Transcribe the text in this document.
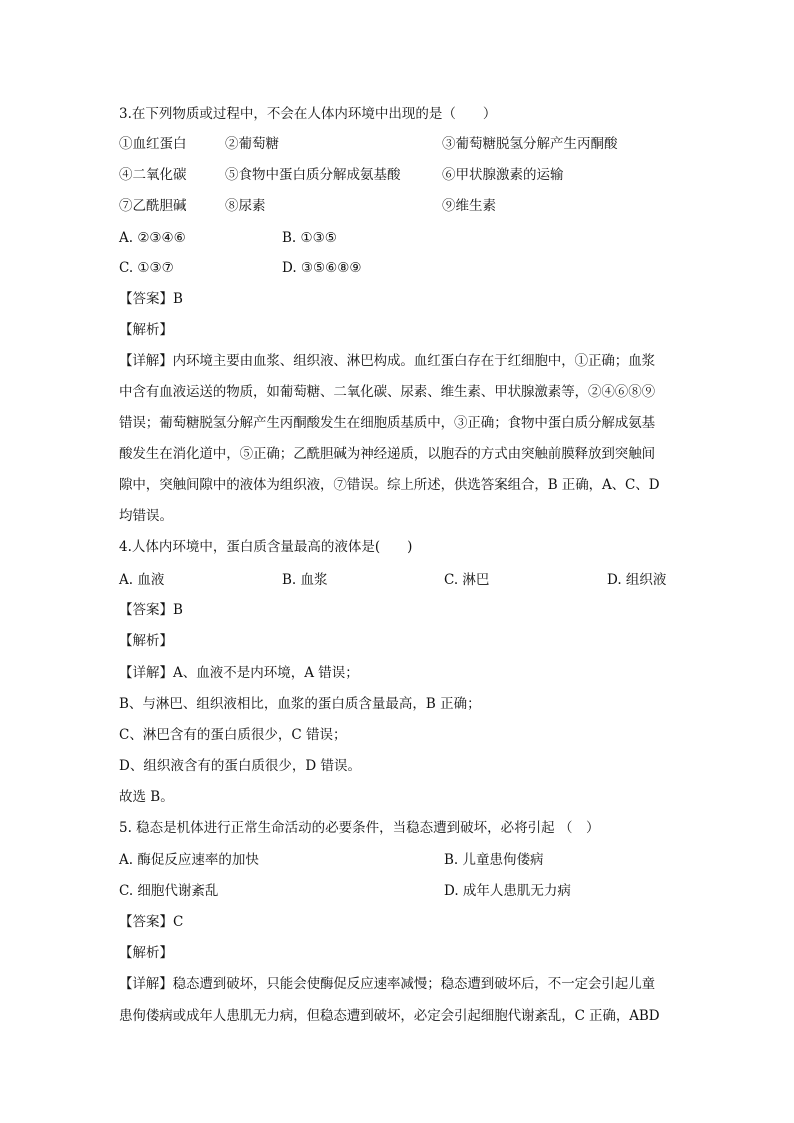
3.在下列物质或过程中，不会在人体内环境中出现的是（　　）
①血红蛋白	②葡萄糖	③葡萄糖脱氢分解产生丙酮酸
④二氧化碳	⑤食物中蛋白质分解成氨基酸	⑥甲状腺激素的运输
⑦乙酰胆碱	⑧尿素	⑨维生素
A. ②③④⑥	B. ①③⑤
C. ①③⑦	D. ③⑤⑥⑧⑨
【答案】B
【解析】
【详解】内环境主要由血浆、组织液、淋巴构成。血红蛋白存在于红细胞中，①正确；血浆
中含有血液运送的物质，如葡萄糖、二氧化碳、尿素、维生素、甲状腺激素等，②④⑥⑧⑨
错误；葡萄糖脱氢分解产生丙酮酸发生在细胞质基质中，③正确；食物中蛋白质分解成氨基
酸发生在消化道中，⑤正确；乙酰胆碱为神经递质，以胞吞的方式由突触前膜释放到突触间
隙中，突触间隙中的液体为组织液，⑦错误。综上所述，供选答案组合，B 正确，A、C、D
均错误。
4.人体内环境中，蛋白质含量最高的液体是(　　)
A. 血液	B. 血浆	C. 淋巴	D. 组织液
【答案】B
【解析】
【详解】A、血液不是内环境，A 错误；
B、与淋巴、组织液相比，血浆的蛋白质含量最高，B 正确；
C、淋巴含有的蛋白质很少，C 错误；
D、组织液含有的蛋白质很少，D 错误。
故选 B。
5. 稳态是机体进行正常生命活动的必要条件，当稳态遭到破坏，必将引起 （　）
A. 酶促反应速率的加快	B. 儿童患佝偻病
C. 细胞代谢紊乱	D. 成年人患肌无力病
【答案】C
【解析】
【详解】稳态遭到破坏，只能会使酶促反应速率减慢；稳态遭到破坏后，不一定会引起儿童
患佝偻病或成年人患肌无力病，但稳态遭到破坏，必定会引起细胞代谢紊乱，C 正确，ABD
